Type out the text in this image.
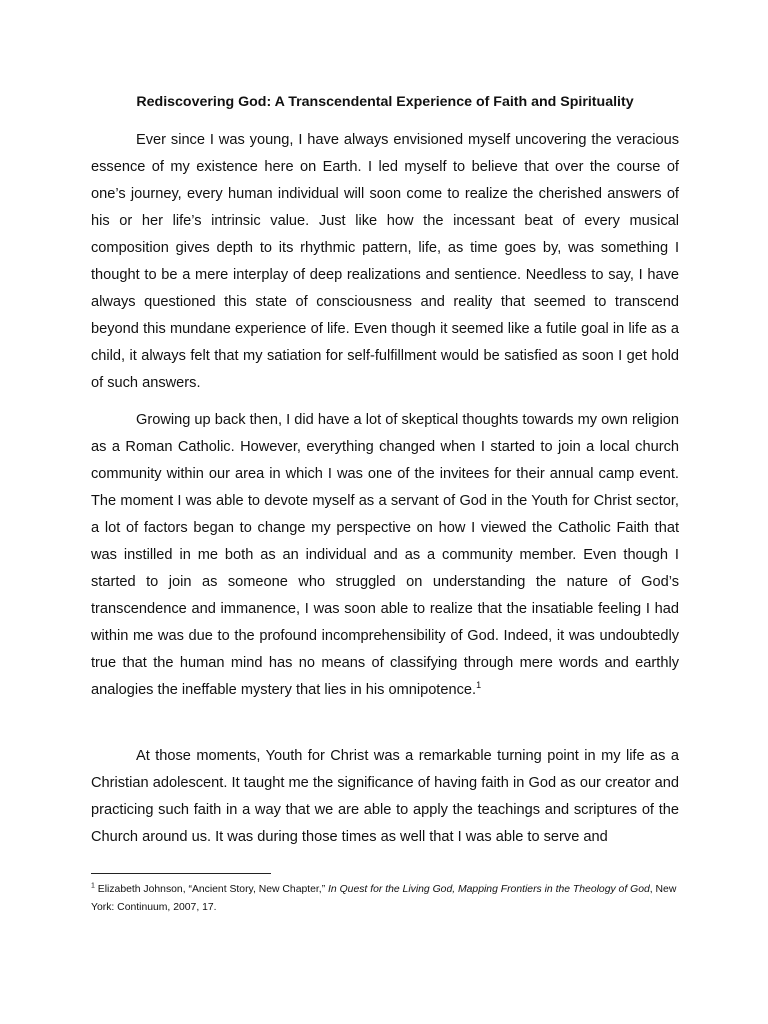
Rediscovering God: A Transcendental Experience of Faith and Spirituality

Ever since I was young, I have always envisioned myself uncovering the veracious essence of my existence here on Earth. I led myself to believe that over the course of one’s journey, every human individual will soon come to realize the cherished answers of his or her life’s intrinsic value. Just like how the incessant beat of every musical composition gives depth to its rhythmic pattern, life, as time goes by, was something I thought to be a mere interplay of deep realizations and sentience. Needless to say, I have always questioned this state of consciousness and reality that seemed to transcend beyond this mundane experience of life. Even though it seemed like a futile goal in life as a child, it always felt that my satiation for self-fulfillment would be satisfied as soon I get hold of such answers.

Growing up back then, I did have a lot of skeptical thoughts towards my own religion as a Roman Catholic. However, everything changed when I started to join a local church community within our area in which I was one of the invitees for their annual camp event. The moment I was able to devote myself as a servant of God in the Youth for Christ sector, a lot of factors began to change my perspective on how I viewed the Catholic Faith that was instilled in me both as an individual and as a community member. Even though I started to join as someone who struggled on understanding the nature of God’s transcendence and immanence, I was soon able to realize that the insatiable feeling I had within me was due to the profound incomprehensibility of God. Indeed, it was undoubtedly true that the human mind has no means of classifying through mere words and earthly analogies the ineffable mystery that lies in his omnipotence.$^1$

At those moments, Youth for Christ was a remarkable turning point in my life as a Christian adolescent. It taught me the significance of having faith in God as our creator and practicing such faith in a way that we are able to apply the teachings and scriptures of the Church around us. It was during those times as well that I was able to serve and

$^1$ Elizabeth Johnson, “Ancient Story, New Chapter,” In Quest for the Living God, Mapping Frontiers in the Theology of God, New York: Continuum, 2007, 17.
